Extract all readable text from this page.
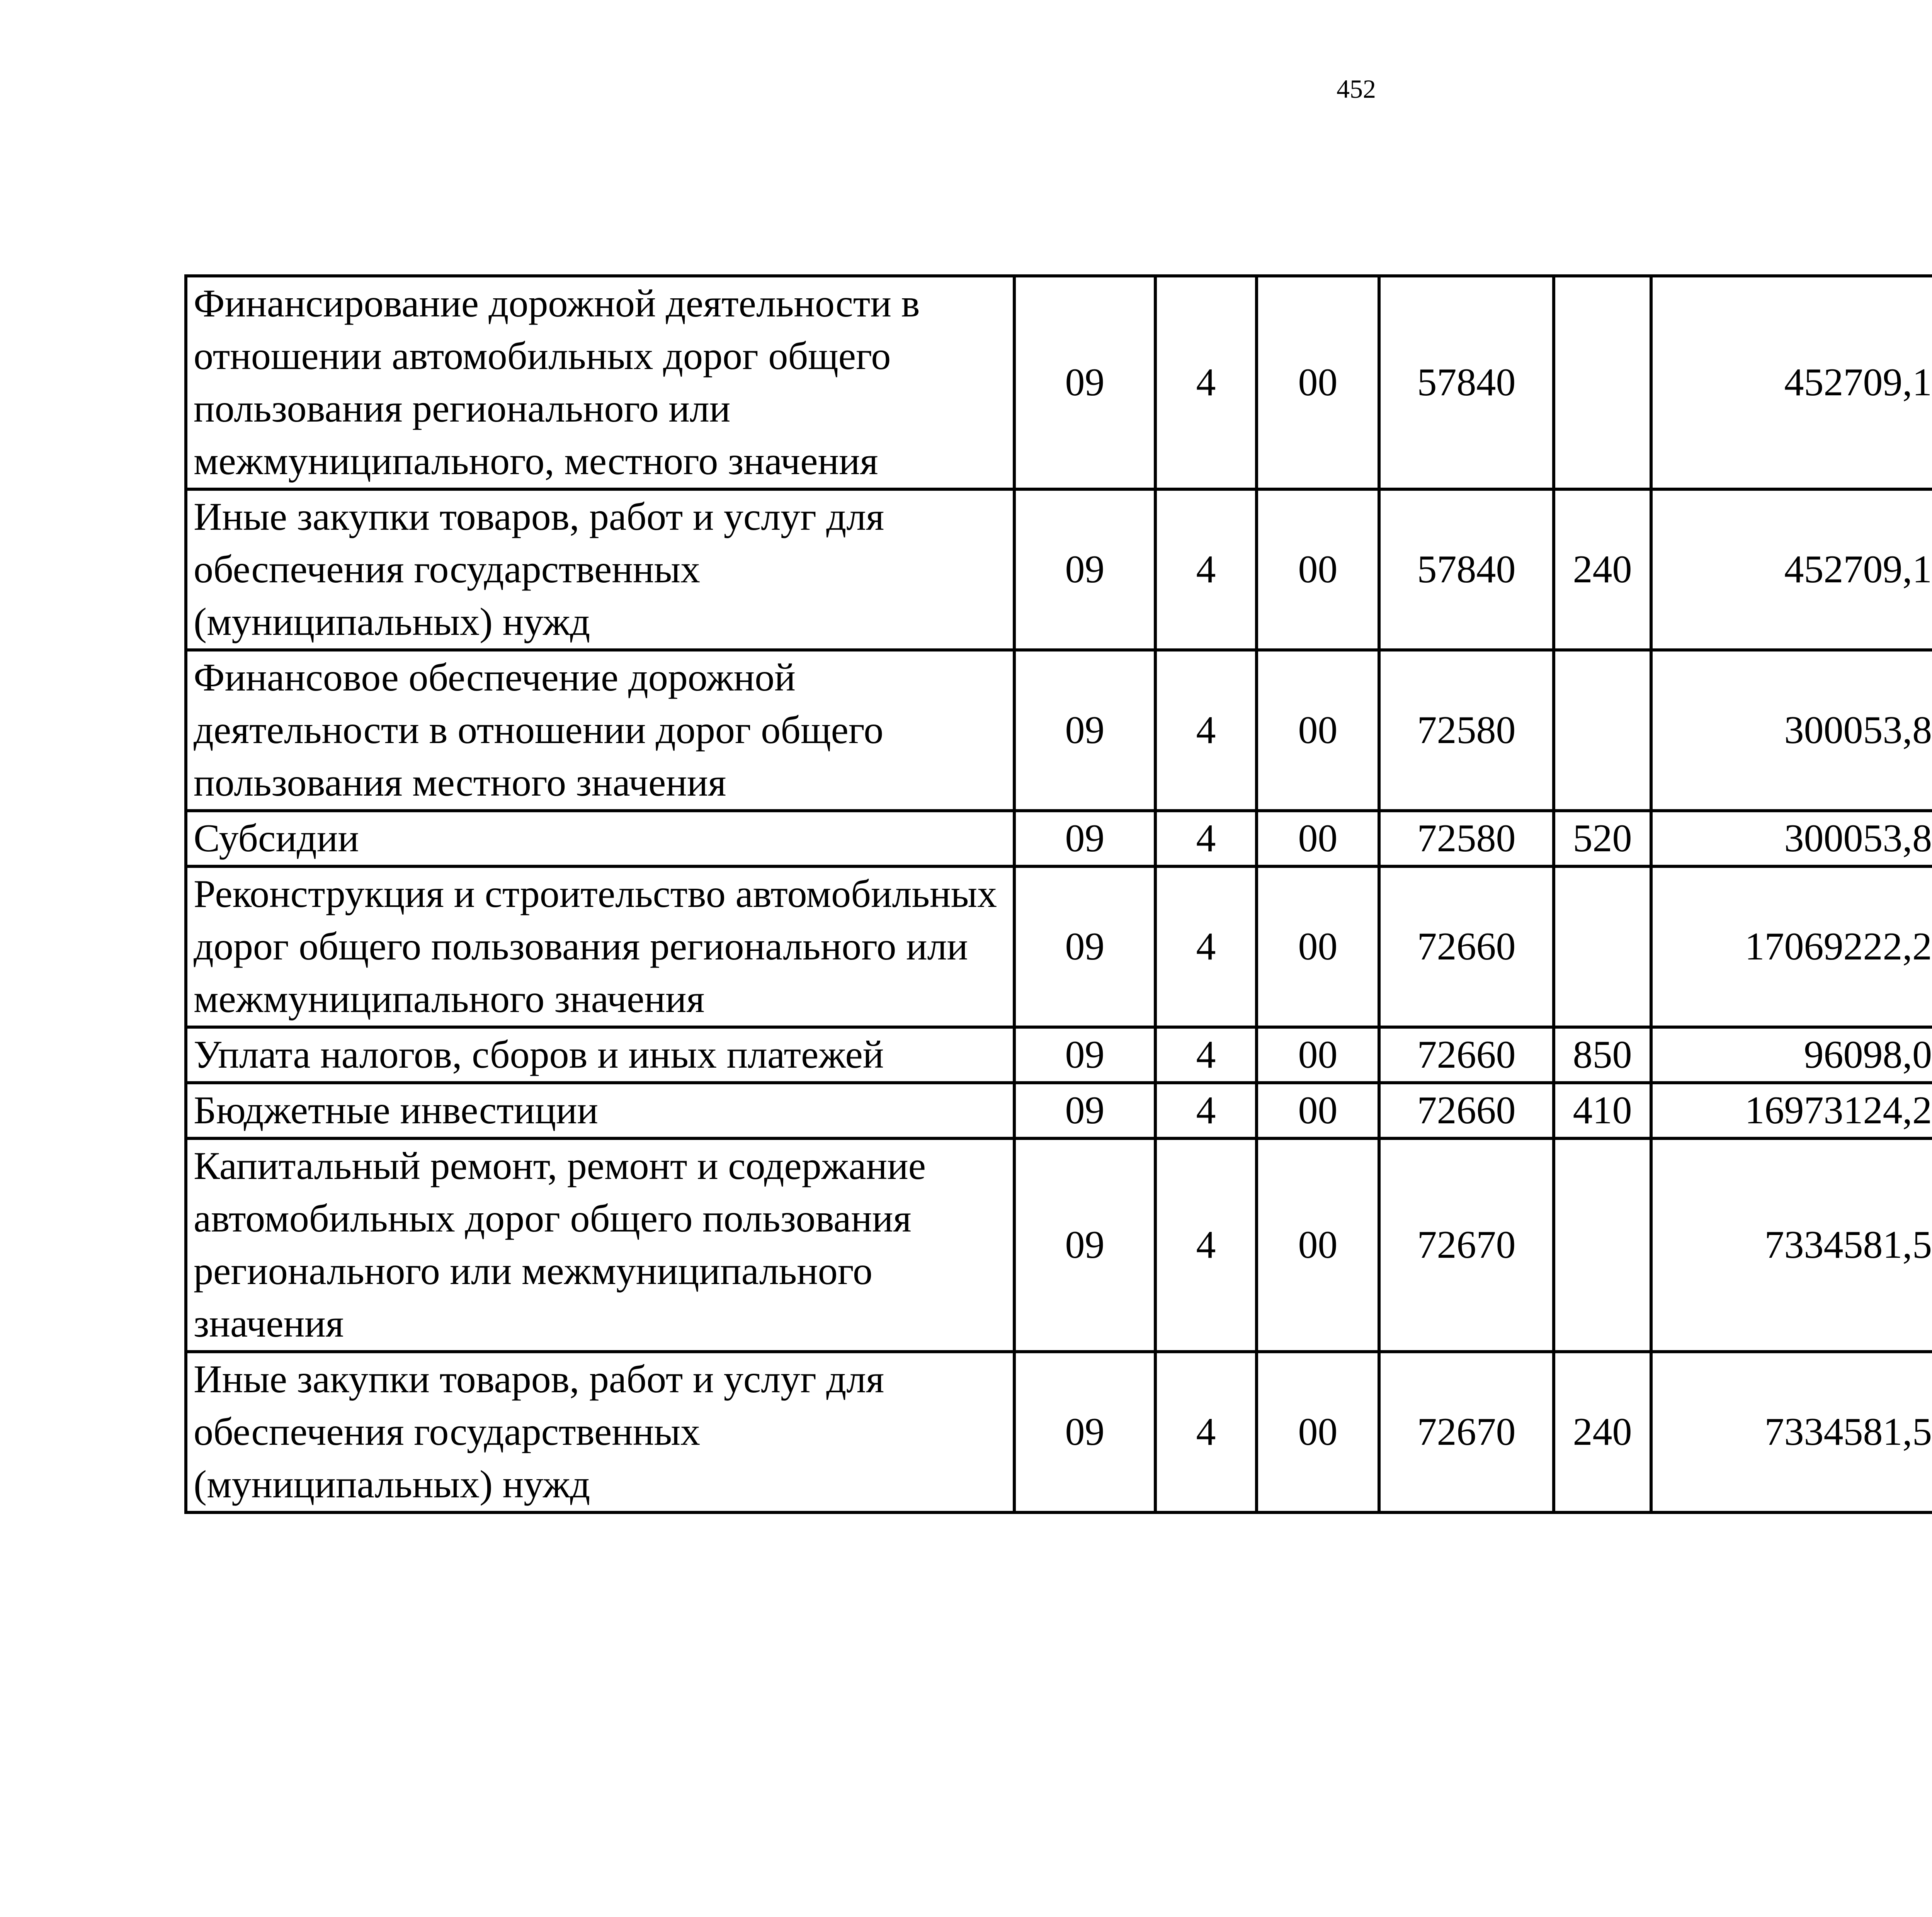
452
Финансирование дорожной деятельности в отношении автомобильных дорог общего пользования регионального или межмуниципального, местного значения	09	4	00	57840		452709,1		
Иные закупки товаров, работ и услуг для обеспечения государственных (муниципальных) нужд	09	4	00	57840	240	452709,1		
Финансовое обеспечение дорожной деятельности в отношении дорог общего пользования местного значения	09	4	00	72580		300053,8		
Субсидии	09	4	00	72580	520	300053,8		
Реконструкция и строительство автомобильных дорог общего пользования регионального или межмуниципального значения	09	4	00	72660		17069222,2		
Уплата налогов, сборов и иных платежей	09	4	00	72660	850	96098,0		
Бюджетные инвестиции	09	4	00	72660	410	16973124,2		
Капитальный ремонт, ремонт и содержание автомобильных дорог общего пользования регионального или межмуниципального значения	09	4	00	72670		7334581,5		
Иные закупки товаров, работ и услуг для обеспечения государственных (муниципальных) нужд	09	4	00	72670	240	7334581,5		
